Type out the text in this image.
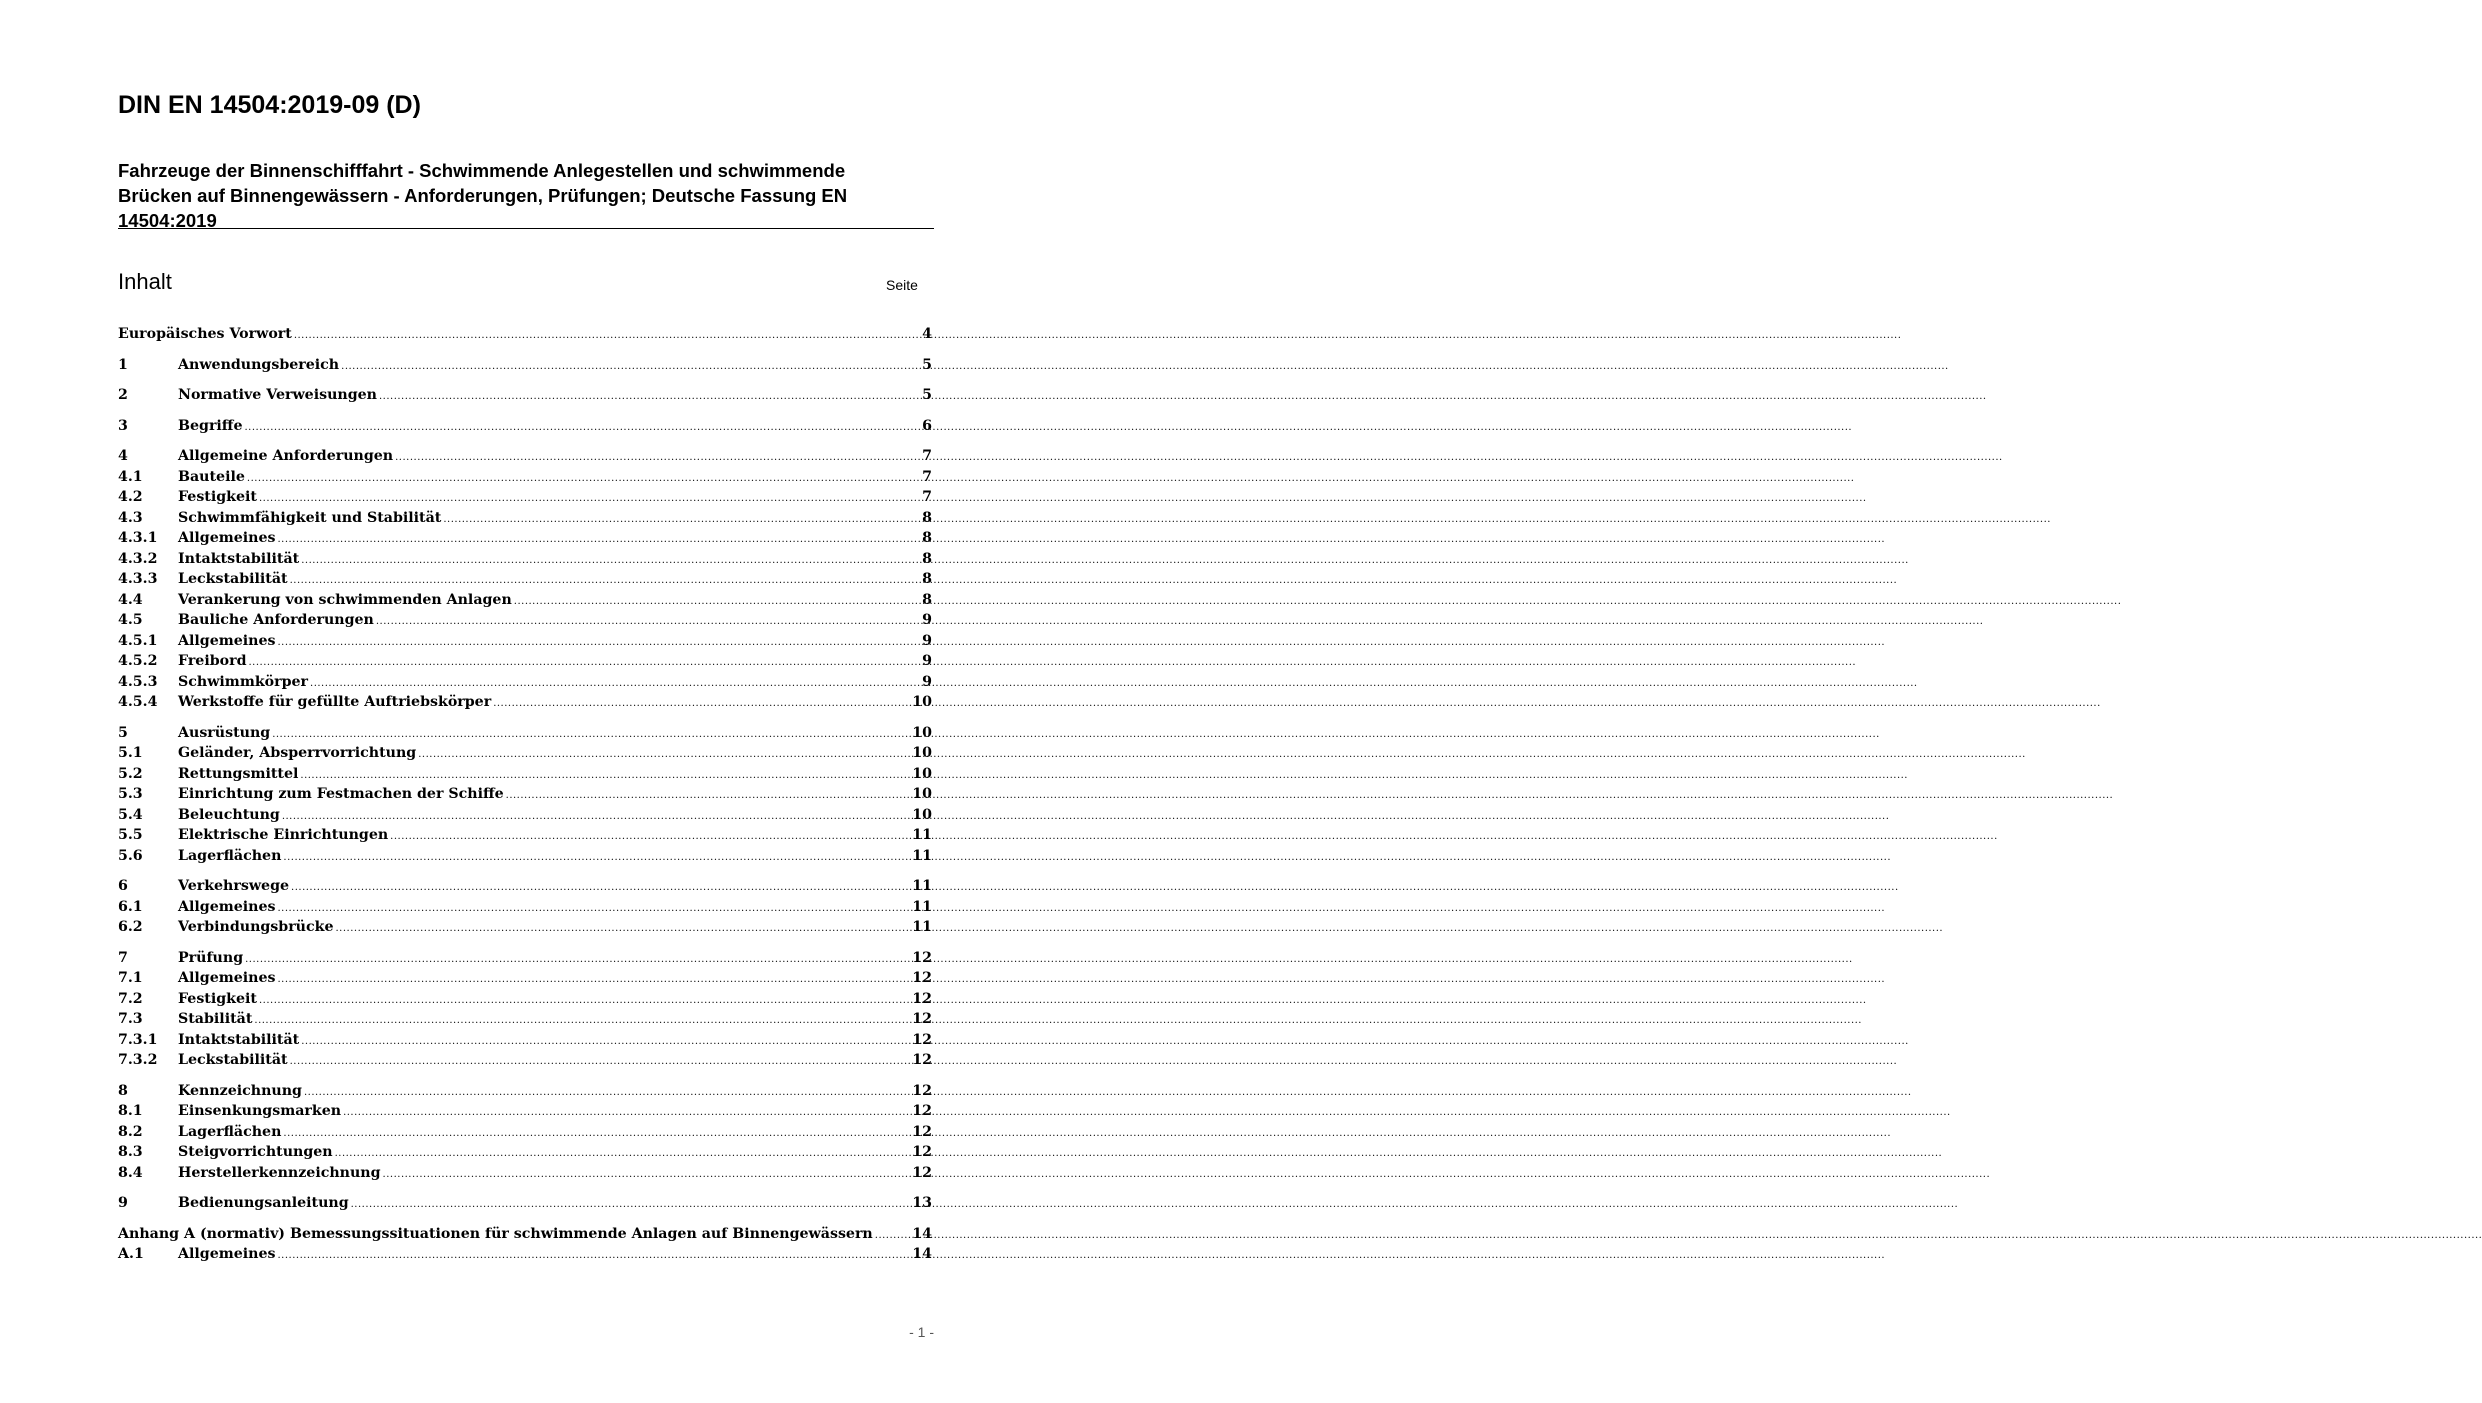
DIN EN 14504:2019-09 (D)
Fahrzeuge der Binnenschifffahrt - Schwimmende Anlegestellen und schwimmende Brücken auf Binnengewässern - Anforderungen, Prüfungen; Deutsche Fassung EN 14504:2019
Inhalt	Seite
Europäisches Vorwort .....	4
1	Anwendungsbereich .....	5
2	Normative Verweisungen .....	5
3	Begriffe .....	6
4	Allgemeine Anforderungen .....	7
4.1	Bauteile .....	7
4.2	Festigkeit .....	7
4.3	Schwimmfähigkeit und Stabilität .....	8
4.3.1	Allgemeines .....	8
4.3.2	Intaktstabilität .....	8
4.3.3	Leckstabilität .....	8
4.4	Verankerung von schwimmenden Anlagen .....	8
4.5	Bauliche Anforderungen .....	9
4.5.1	Allgemeines .....	9
4.5.2	Freibord .....	9
4.5.3	Schwimmkörper .....	9
4.5.4	Werkstoffe für gefüllte Auftriebskörper .....	10
5	Ausrüstung .....	10
5.1	Geländer, Absperrvorrichtung .....	10
5.2	Rettungsmittel .....	10
5.3	Einrichtung zum Festmachen der Schiffe .....	10
5.4	Beleuchtung .....	10
5.5	Elektrische Einrichtungen .....	11
5.6	Lagerflächen .....	11
6	Verkehrswege .....	11
6.1	Allgemeines .....	11
6.2	Verbindungsbrücke .....	11
7	Prüfung .....	12
7.1	Allgemeines .....	12
7.2	Festigkeit .....	12
7.3	Stabilität .....	12
7.3.1	Intaktstabilität .....	12
7.3.2	Leckstabilität .....	12
8	Kennzeichnung .....	12
8.1	Einsenkungsmarken .....	12
8.2	Lagerflächen .....	12
8.3	Steigvorrichtungen .....	12
8.4	Herstellerkennzeichnung .....	12
9	Bedienungsanleitung .....	13
Anhang A (normativ) Bemessungssituationen für schwimmende Anlagen auf Binnengewässern .....	14
A.1	Allgemeines .....	14
- 1 -
